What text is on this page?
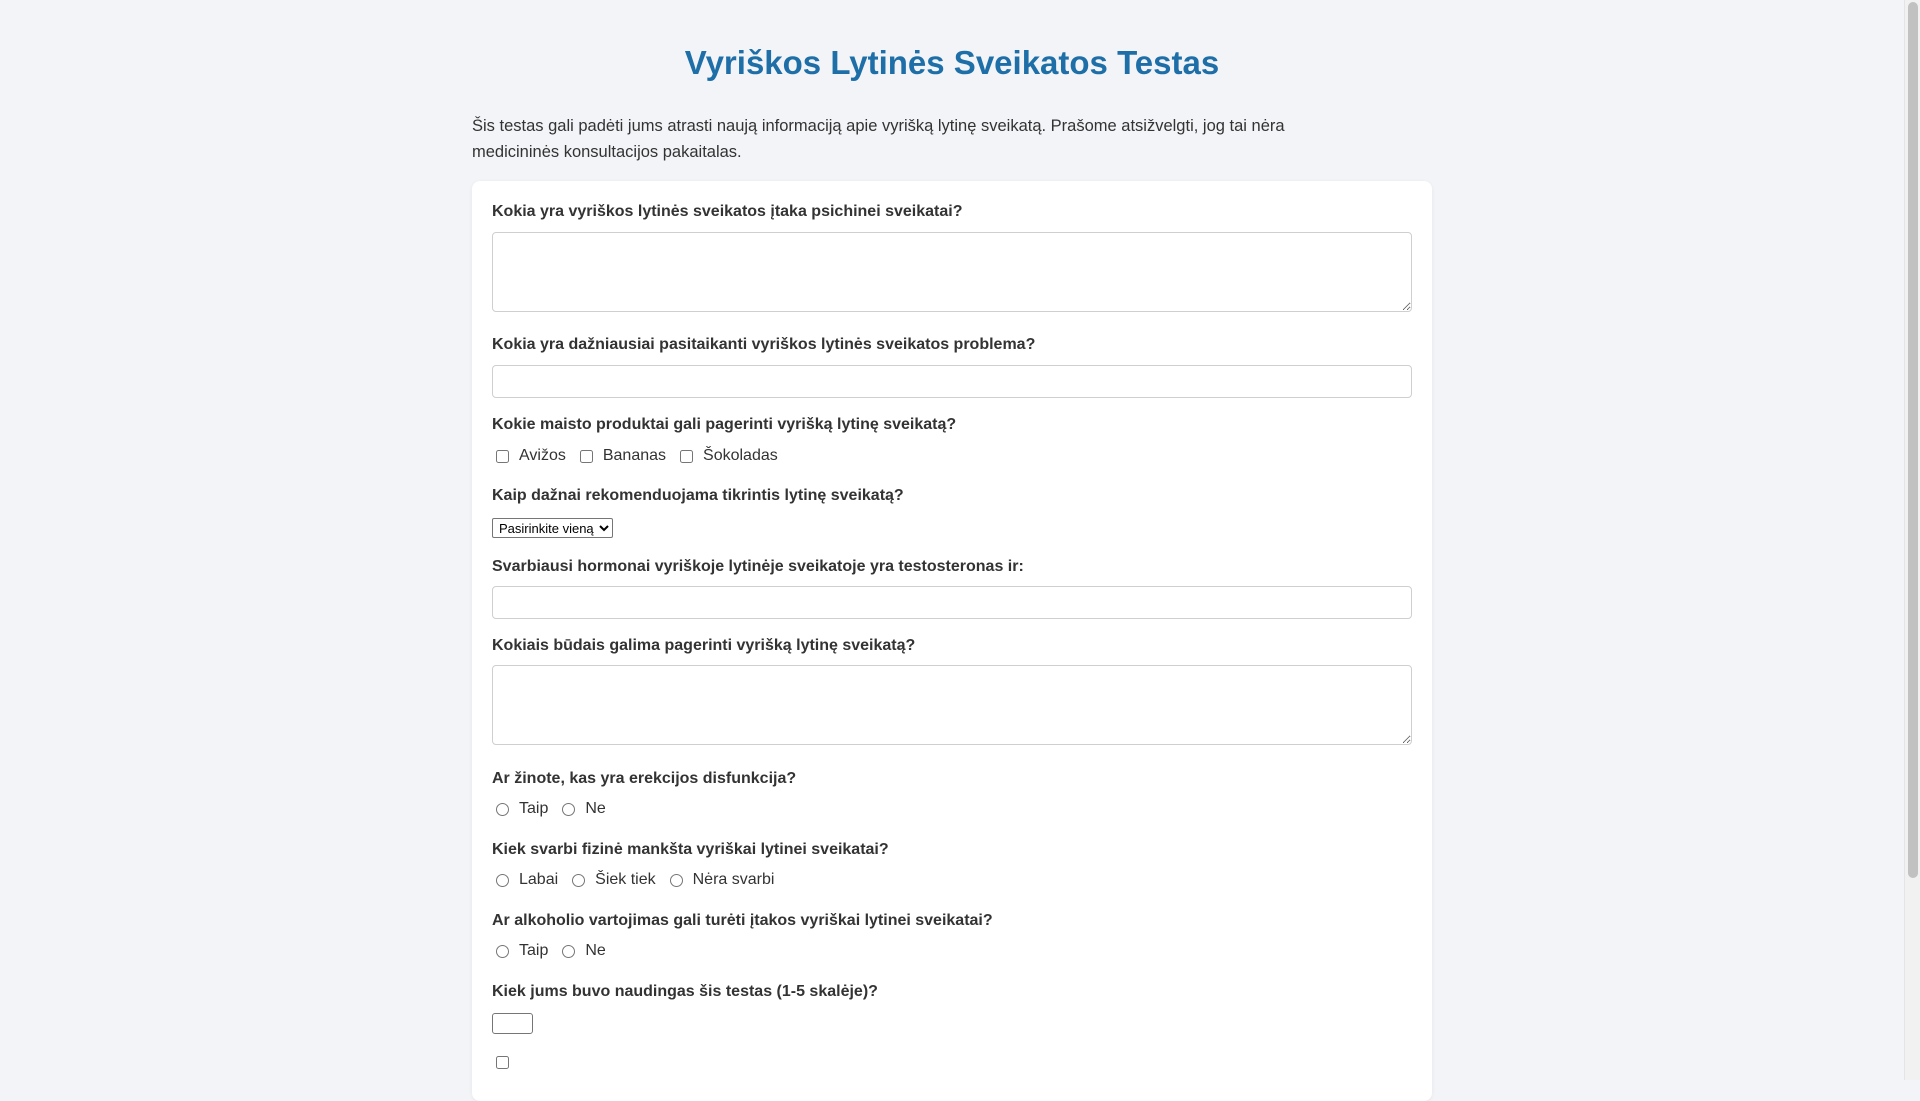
Vyriškos Lytinės Sveikatos Testas

Šis testas gali padėti jums atrasti naują informaciją apie vyrišką lytinę sveikatą. Prašome atsižvelgti, jog tai nėra medicininės konsultacijos pakaitalas.

Kokia yra vyriškos lytinės sveikatos įtaka psichinei sveikatai?

Kokia yra dažniausiai pasitaikanti vyriškos lytinės sveikatos problema?

Kokie maisto produktai gali pagerinti vyrišką lytinę sveikatą?

Avižos Bananas Šokoladas

Kaip dažnai rekomenduojama tikrintis lytinę sveikatą?

Pasirinkite vieną

Svarbiausi hormonai vyriškoje lytinėje sveikatoje yra testosteronas ir:

Kokiais būdais galima pagerinti vyrišką lytinę sveikatą?

Ar žinote, kas yra erekcijos disfunkcija?

Taip Ne

Kiek svarbi fizinė mankšta vyriškai lytinei sveikatai?

Labai Šiek tiek Nėra svarbi

Ar alkoholio vartojimas gali turėti įtakos vyriškai lytinei sveikatai?

Taip Ne

Kiek jums buvo naudingas šis testas (1-5 skalėje)?
